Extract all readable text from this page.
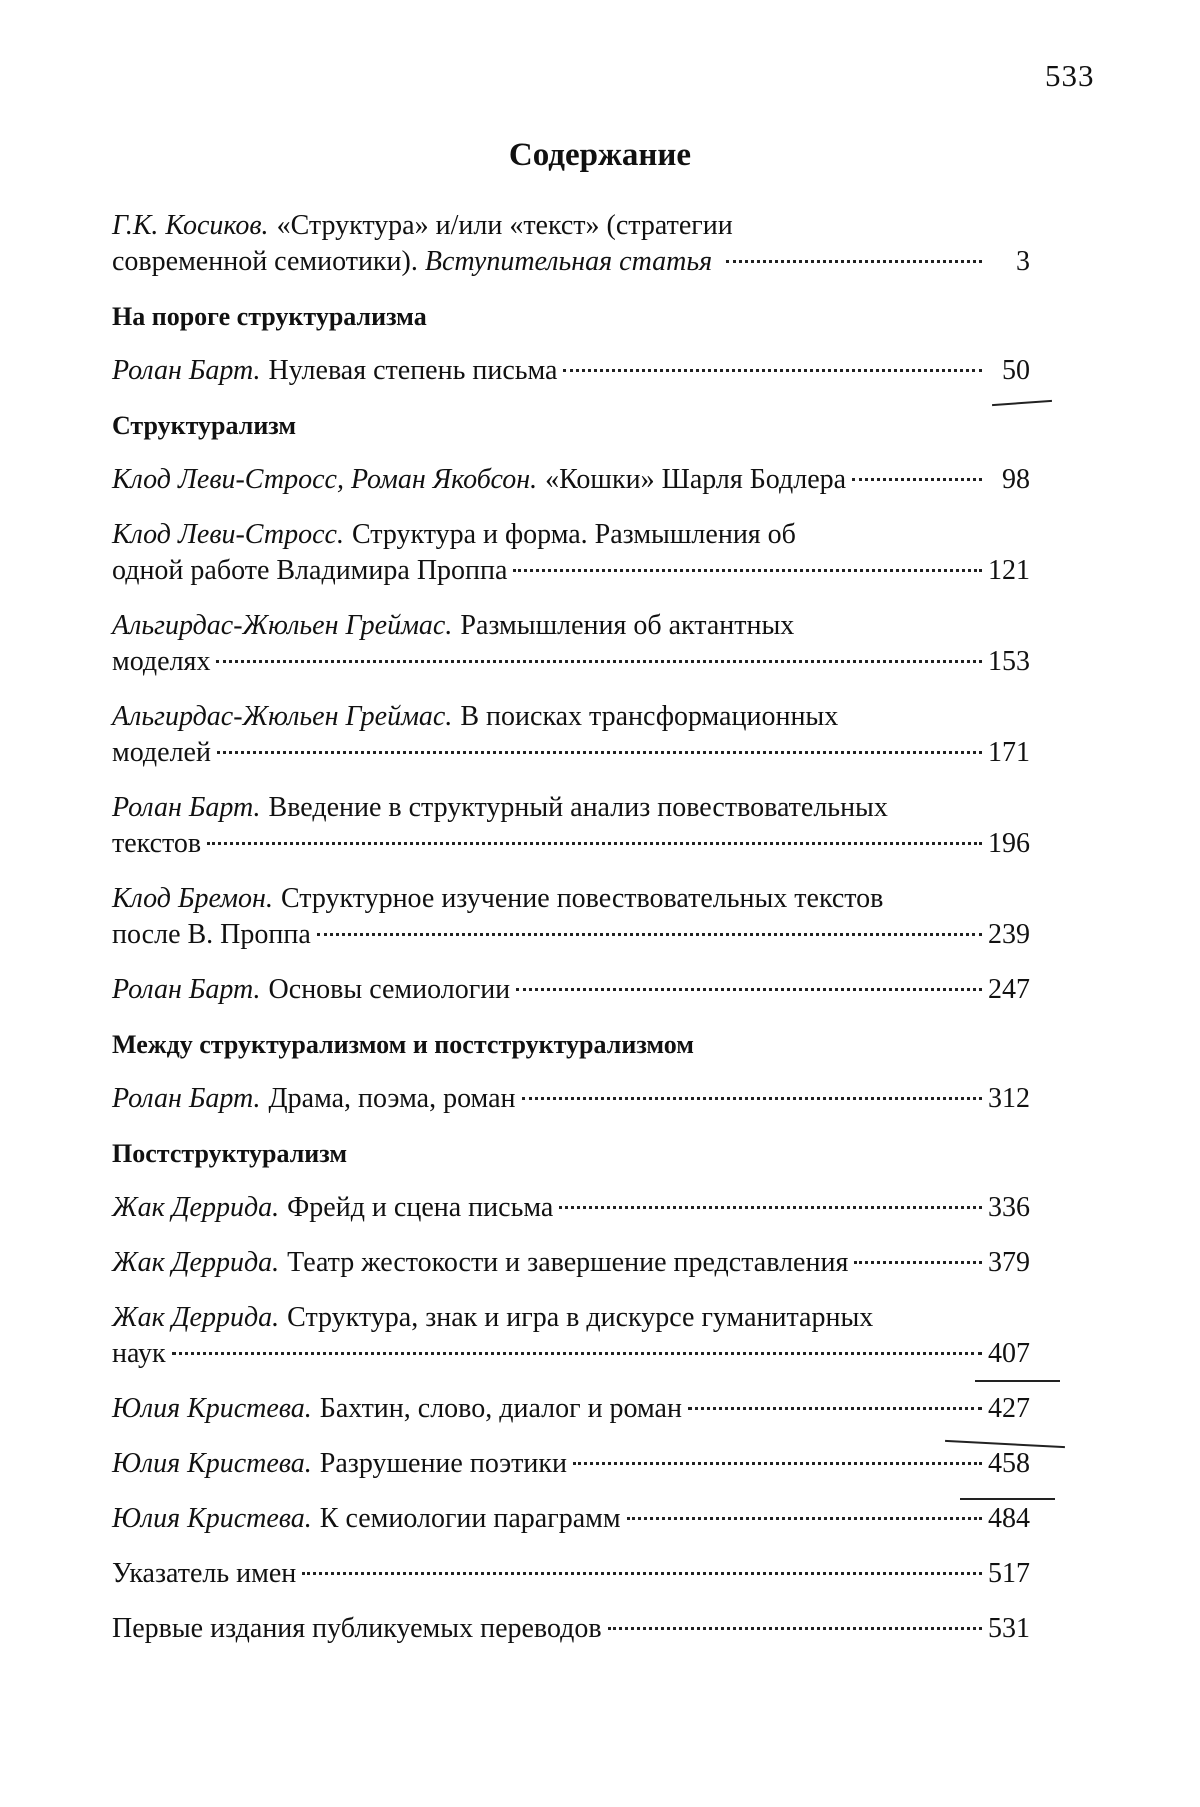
533
Содержание
Г.К. Косиков. «Структура» и/или «текст» (стратегии
современной семиотики). Вступительная статья	3
На пороге структурализма
Ролан Барт. Нулевая степень письма	50
Структурализм
Клод Леви-Стросс, Роман Якобсон. «Кошки» Шарля Бодлера	98
Клод Леви-Стросс. Структура и форма. Размышления об
одной работе Владимира Проппа	121
Альгирдас-Жюльен Греймас. Размышления об актантных
моделях	153
Альгирдас-Жюльен Греймас. В поисках трансформационных
моделей	171
Ролан Барт. Введение в структурный анализ повествовательных
текстов	196
Клод Бремон. Структурное изучение повествовательных текстов
после В. Проппа	239
Ролан Барт. Основы семиологии	247
Между структурализмом и постструктурализмом
Ролан Барт. Драма, поэма, роман	312
Постструктурализм
Жак Деррида. Фрейд и сцена письма	336
Жак Деррида. Театр жестокости и завершение представления	379
Жак Деррида. Структура, знак и игра в дискурсе гуманитарных
наук	407
Юлия Кристева. Бахтин, слово, диалог и роман	427
Юлия Кристева. Разрушение поэтики	458
Юлия Кристева. К семиологии параграмм	484
Указатель имен	517
Первые издания публикуемых переводов	531
